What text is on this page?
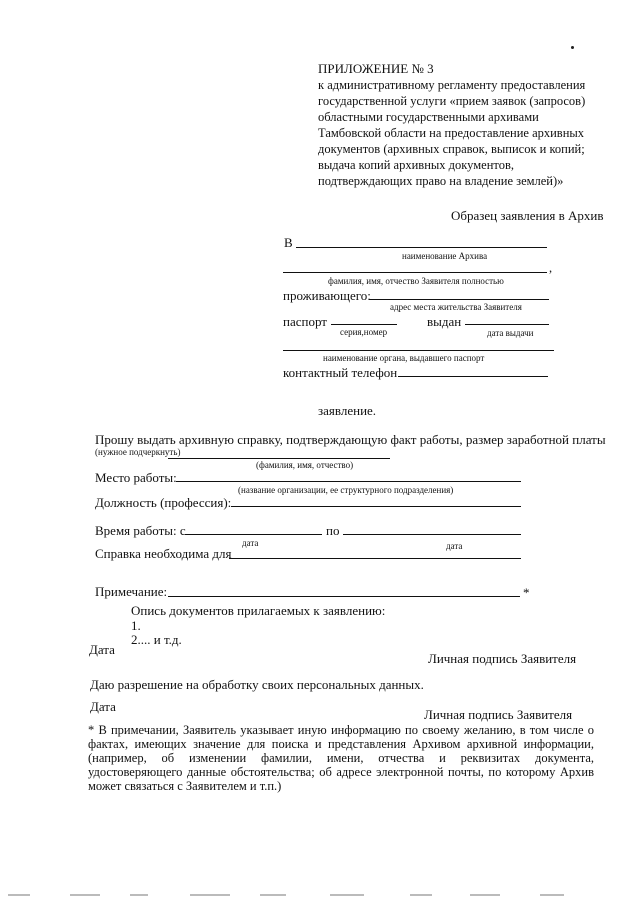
ПРИЛОЖЕНИЕ № 3
к административному регламенту предоставления
государственной услуги «прием заявок (запросов)
областными государственными архивами
Тамбовской области на предоставление архивных
документов (архивных справок, выписок и копий;
выдача копий архивных документов,
подтверждающих право на владение землей)»
Образец заявления в Архив
В
наименование Архива
,
фамилия, имя, отчество Заявителя полностью
проживающего:
адрес места жительства Заявителя
паспорт	выдан
серия,номер	дата выдачи
наименование органа, выдавшего паспорт
контактный телефон
заявление.
Прошу выдать архивную справку, подтверждающую факт работы, размер заработной платы
(нужное подчеркнуть)
(фамилия, имя, отчество)
Место работы:
(название организации, ее структурного подразделения)
Должность (профессия):
Время работы: с	по
дата	дата
Справка необходима для
Примечание:	*
Опись документов прилагаемых к заявлению:
1.
2.... и т.д.
Дата
Личная подпись Заявителя
Даю разрешение на обработку своих персональных данных.
Дата
Личная подпись Заявителя

* В примечании, Заявитель указывает иную информацию по своему желанию, в том числе о фактах, имеющих значение для поиска и представления Архивом архивной информации, (например, об изменении фамилии, имени, отчества и реквизитах документа, удостоверяющего данные обстоятельства; об адресе электронной почты, по которому Архив может связаться с Заявителем и т.п.)
